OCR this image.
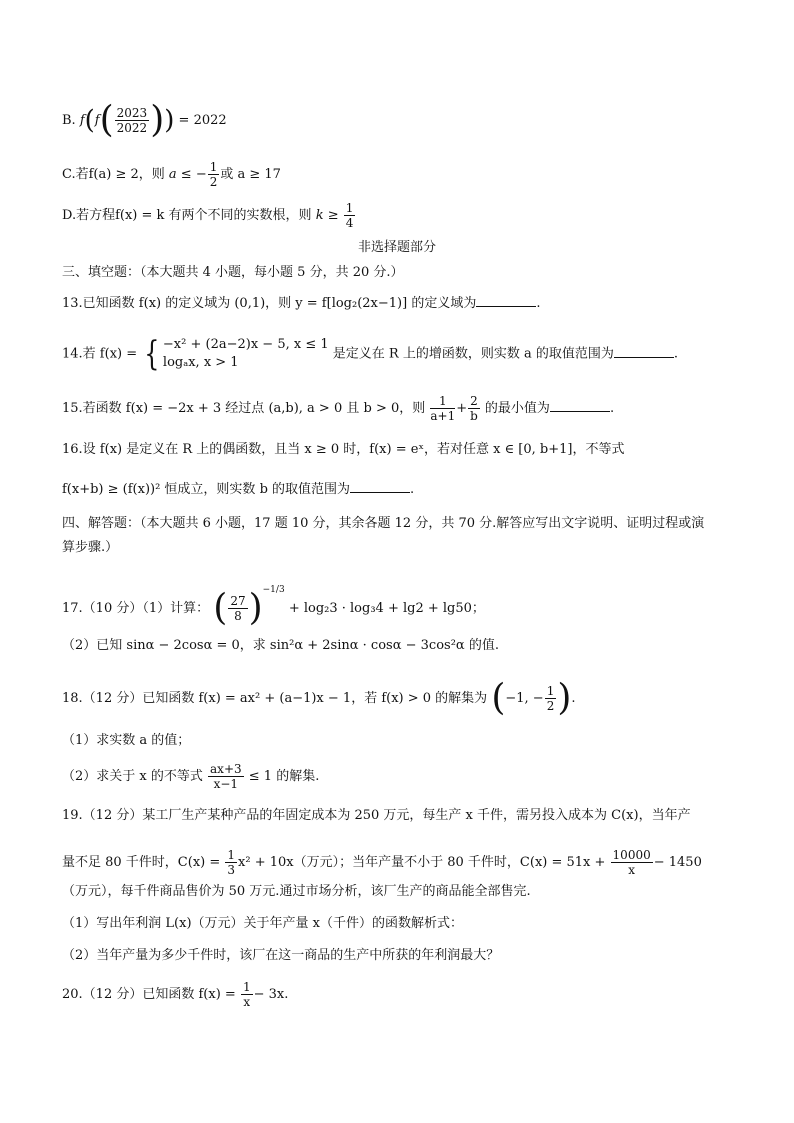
B. $f(f( \frac{2023}{2022}$ )) = 2022
C.若f(a) ≥ 2，则 a ≤ − $\frac{1}{2}$ 或 a ≥ 17
D.若方程f(x) = k 有两个不同的实数根，则 $k \ge \frac{1}{4}$
非选择题部分
三、填空题：（本大题共 4 小题，每小题 5 分，共 20 分.）
13.已知函数 f(x) 的定义域为 (0,1)，则 y = f[log₂(2x−1)] 的定义域为	.
14.若 f(x) = { −x² + (2a−2)x − 5, x ≤ 1
logₐx, x > 1
是定义在 R 上的增函数，则实数 a 的取值范围为	.
15.若函数 f(x) = −2x + 3 经过点 (a,b), a > 0 且 b > 0，则 $\frac{1}{a+1} + \frac{2}{b}$ 的最小值为	.
16.设 f(x) 是定义在 R 上的偶函数，且当 x ≥ 0 时，f(x) = eˣ，若对任意 x ∈ [0, b+1]，不等式
f(x+b) ≥ (f(x))² 恒成立，则实数 b 的取值范围为	.
四、解答题：（本大题共 6 小题，17 题 10 分，其余各题 12 分，共 70 分.解答应写出文字说明、证明过程或演
算步骤.）
17.（10 分）（1）计算： ( $\frac{27}{8} )^{-1/3} + \log_23 \cdot \log_34 + \lg 2 + \lg 50$；
（2）已知 sinα − 2cosα = 0，求 sin²α + 2sinα · cosα − 3cos²α 的值.
18.（12 分）已知函数 f(x) = ax² + (a−1)x − 1，若 f(x) > 0 的解集为 (−1, − $\frac{1}{2}$ ).
（1）求实数 a 的值；
（2）求关于 x 的不等式 $\frac{ax+3}{x-1} \le 1$ 的解集.
19.（12 分）某工厂生产某种产品的年固定成本为 250 万元，每生产 x 千件，需另投入成本为 C(x)，当年产
量不足 80 千件时，$C(x) = \frac{1}{3} x^2 + 10x$（万元）；当年产量不小于 80 千件时，$C(x) = 51x + \frac{10000}{x} - 1450$
（万元），每千件商品售价为 50 万元.通过市场分析，该厂生产的商品能全部售完.
（1）写出年利润 L(x)（万元）关于年产量 x（千件）的函数解析式：
（2）当年产量为多少千件时，该厂在这一商品的生产中所获的年利润最大？
20.（12 分）已知函数 $f(x) = \frac{1}{x} - 3x$.
